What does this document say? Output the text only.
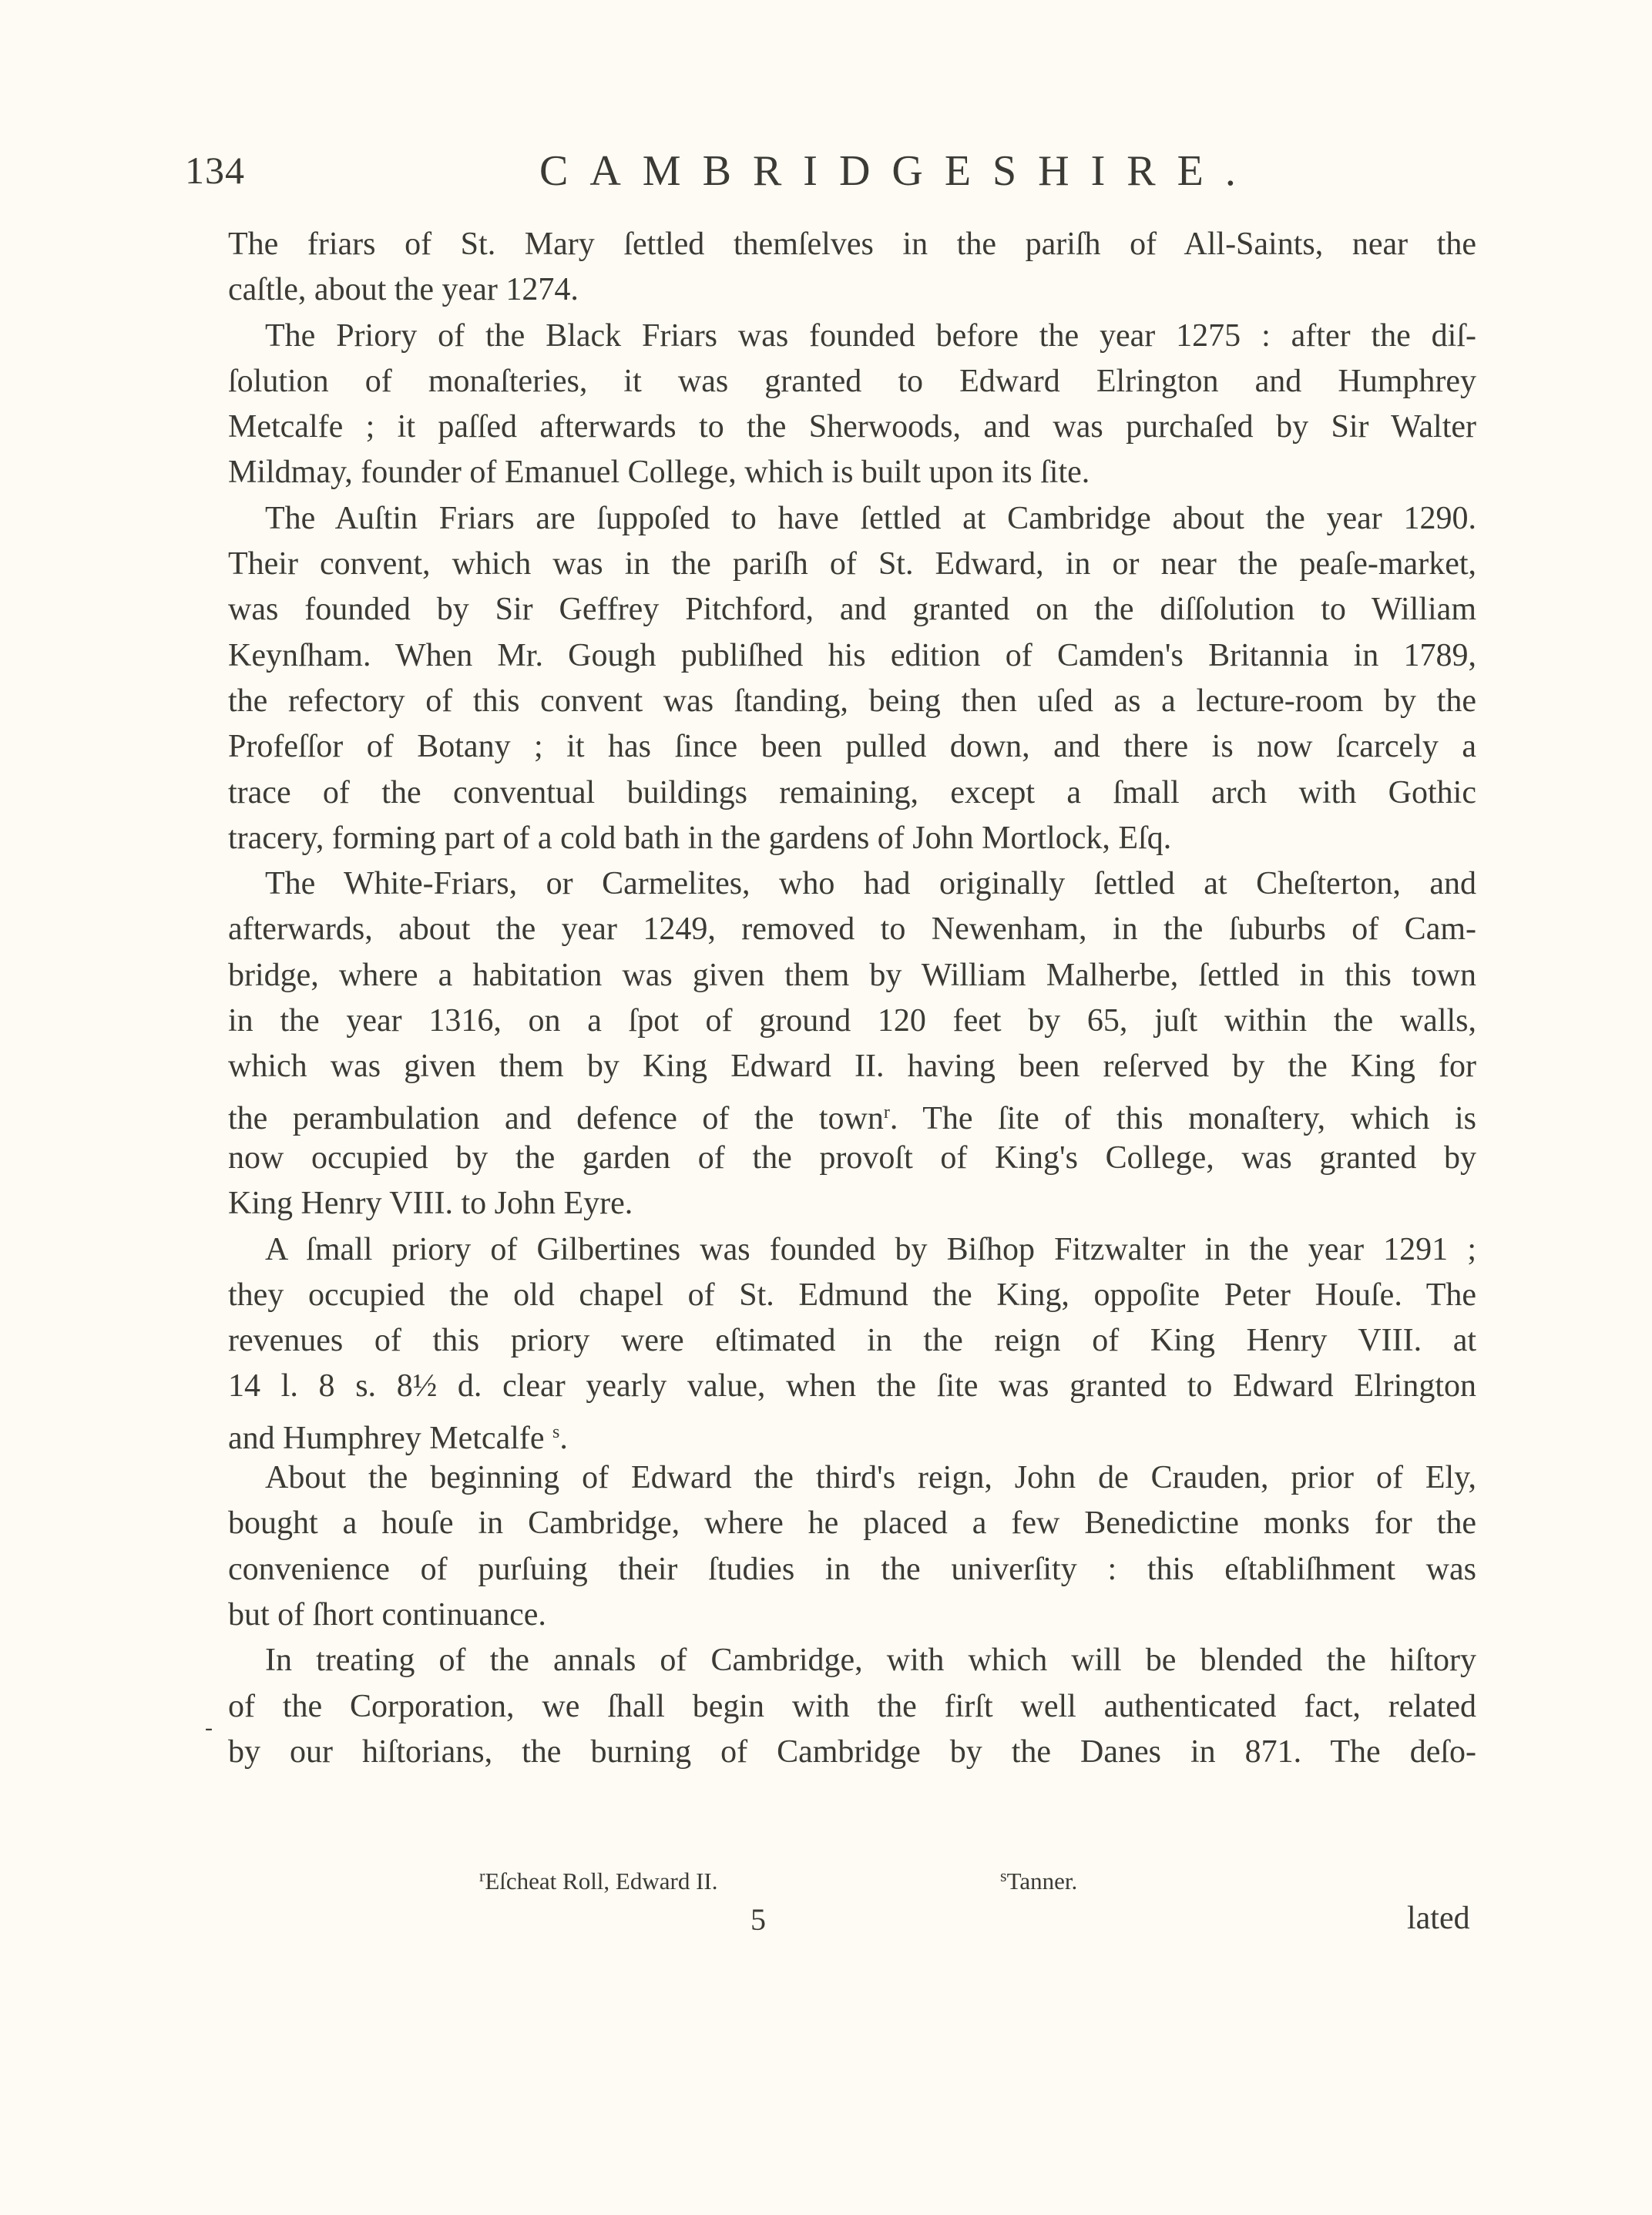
134	CAMBRIDGESHIRE.
The friars of St. Mary ſettled themſelves in the pariſh of All-Saints, near the
caſtle, about the year 1274.
The Priory of the Black Friars was founded before the year 1275 : after the diſ-
ſolution of monaſteries, it was granted to Edward Elrington and Humphrey
Metcalfe ; it paſſed afterwards to the Sherwoods, and was purchaſed by Sir Walter
Mildmay, founder of Emanuel College, which is built upon its ſite.
The Auſtin Friars are ſuppoſed to have ſettled at Cambridge about the year 1290.
Their convent, which was in the pariſh of St. Edward, in or near the peaſe-market,
was founded by Sir Geffrey Pitchford, and granted on the diſſolution to William
Keynſham. When Mr. Gough publiſhed his edition of Camden's Britannia in 1789,
the refectory of this convent was ſtanding, being then uſed as a lecture-room by the
Profeſſor of Botany ; it has ſince been pulled down, and there is now ſcarcely a
trace of the conventual buildings remaining, except a ſmall arch with Gothic
tracery, forming part of a cold bath in the gardens of John Mortlock, Eſq.
The White-Friars, or Carmelites, who had originally ſettled at Cheſterton, and
afterwards, about the year 1249, removed to Newenham, in the ſuburbs of Cam-
bridge, where a habitation was given them by William Malherbe, ſettled in this town
in the year 1316, on a ſpot of ground 120 feet by 65, juſt within the walls,
which was given them by King Edward II. having been reſerved by the King for
the perambulation and defence of the town$^r$. The ſite of this monaſtery, which is
now occupied by the garden of the provoſt of King's College, was granted by
King Henry VIII. to John Eyre.
A ſmall priory of Gilbertines was founded by Biſhop Fitzwalter in the year 1291 ;
they occupied the old chapel of St. Edmund the King, oppoſite Peter Houſe. The
revenues of this priory were eſtimated in the reign of King Henry VIII. at
14 l. 8 s. 8½ d. clear yearly value, when the ſite was granted to Edward Elrington
and Humphrey Metcalfe $^s$.
About the beginning of Edward the third's reign, John de Crauden, prior of Ely,
bought a houſe in Cambridge, where he placed a few Benedictine monks for the
convenience of purſuing their ſtudies in the univerſity : this eſtabliſhment was
but of ſhort continuance.
In treating of the annals of Cambridge, with which will be blended the hiſtory
of the Corporation, we ſhall begin with the firſt well authenticated fact, related
by our hiſtorians, the burning of Cambridge by the Danes in 871. The deſo-
-
$^r$Eſcheat Roll, Edward II.	$^s$Tanner.
5	lated
